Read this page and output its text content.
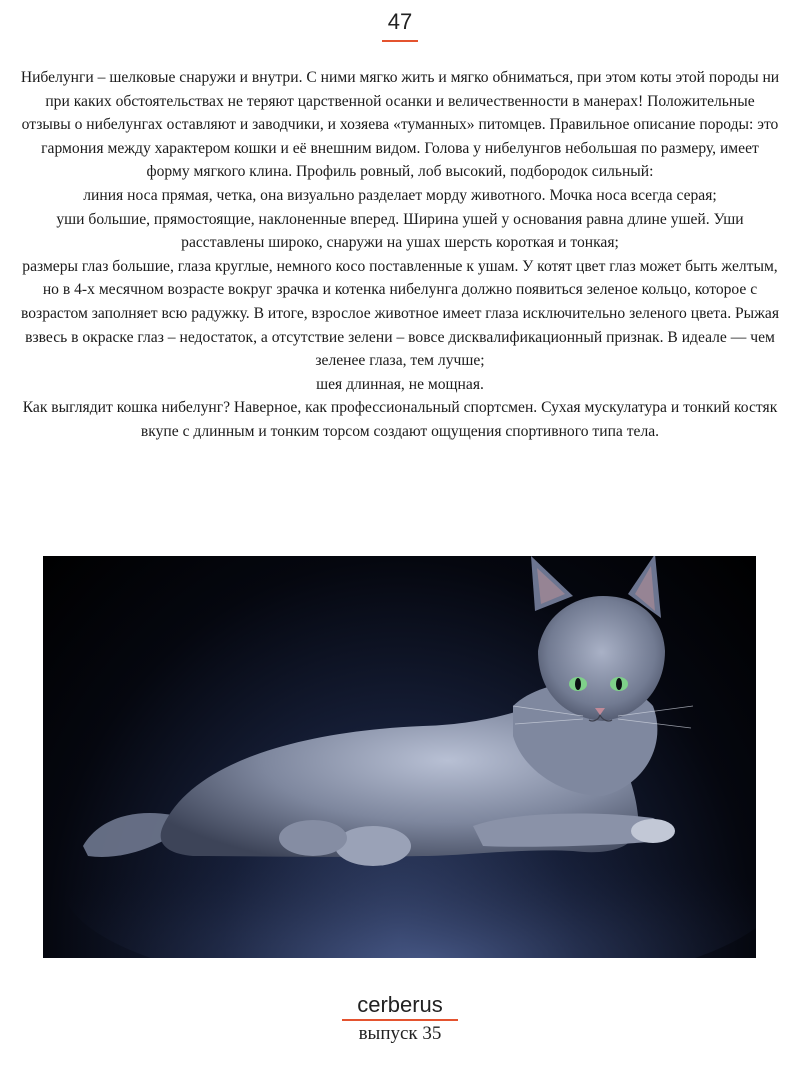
47

Нибелунги – шелковые снаружи и внутри. С ними мягко жить и мягко обниматься, при этом коты этой породы ни при каких обстоятельствах не теряют царственной осанки и величественности в манерах! Положительные отзывы о нибелунгах оставляют и заводчики, и хозяева «туманных» питомцев. Правильное описание породы: это гармония между характером кошки и её внешним видом. Голова у нибелунгов небольшая по размеру, имеет форму мягкого клина. Профиль ровный, лоб высокий, подбородок сильный:

линия носа прямая, четка, она визуально разделает морду животного. Мочка носа всегда серая;

уши большие, прямостоящие, наклоненные вперед. Ширина ушей у основания равна длине ушей. Уши расставлены широко, снаружи на ушах шерсть короткая и тонкая;

размеры глаз большие, глаза круглые, немного косо поставленные к ушам. У котят цвет глаз может быть желтым, но в 4-х месячном возрасте вокруг зрачка и котенка нибелунга должно появиться зеленое кольцо, которое с возрастом заполняет всю радужку. В итоге, взрослое животное имеет глаза исключительно зеленого цвета. Рыжая взвесь в окраске глаз – недостаток, а отсутствие зелени – вовсе дисквалификационный признак. В идеале — чем зеленее глаза, тем лучше;

шея длинная, не мощная.

Как выглядит кошка нибелунг? Наверное, как профессиональный спортсмен. Сухая мускулатура и тонкий костяк вкупе с длинным и тонким торсом создают ощущения спортивного типа тела.

cerberus
выпуск 35
